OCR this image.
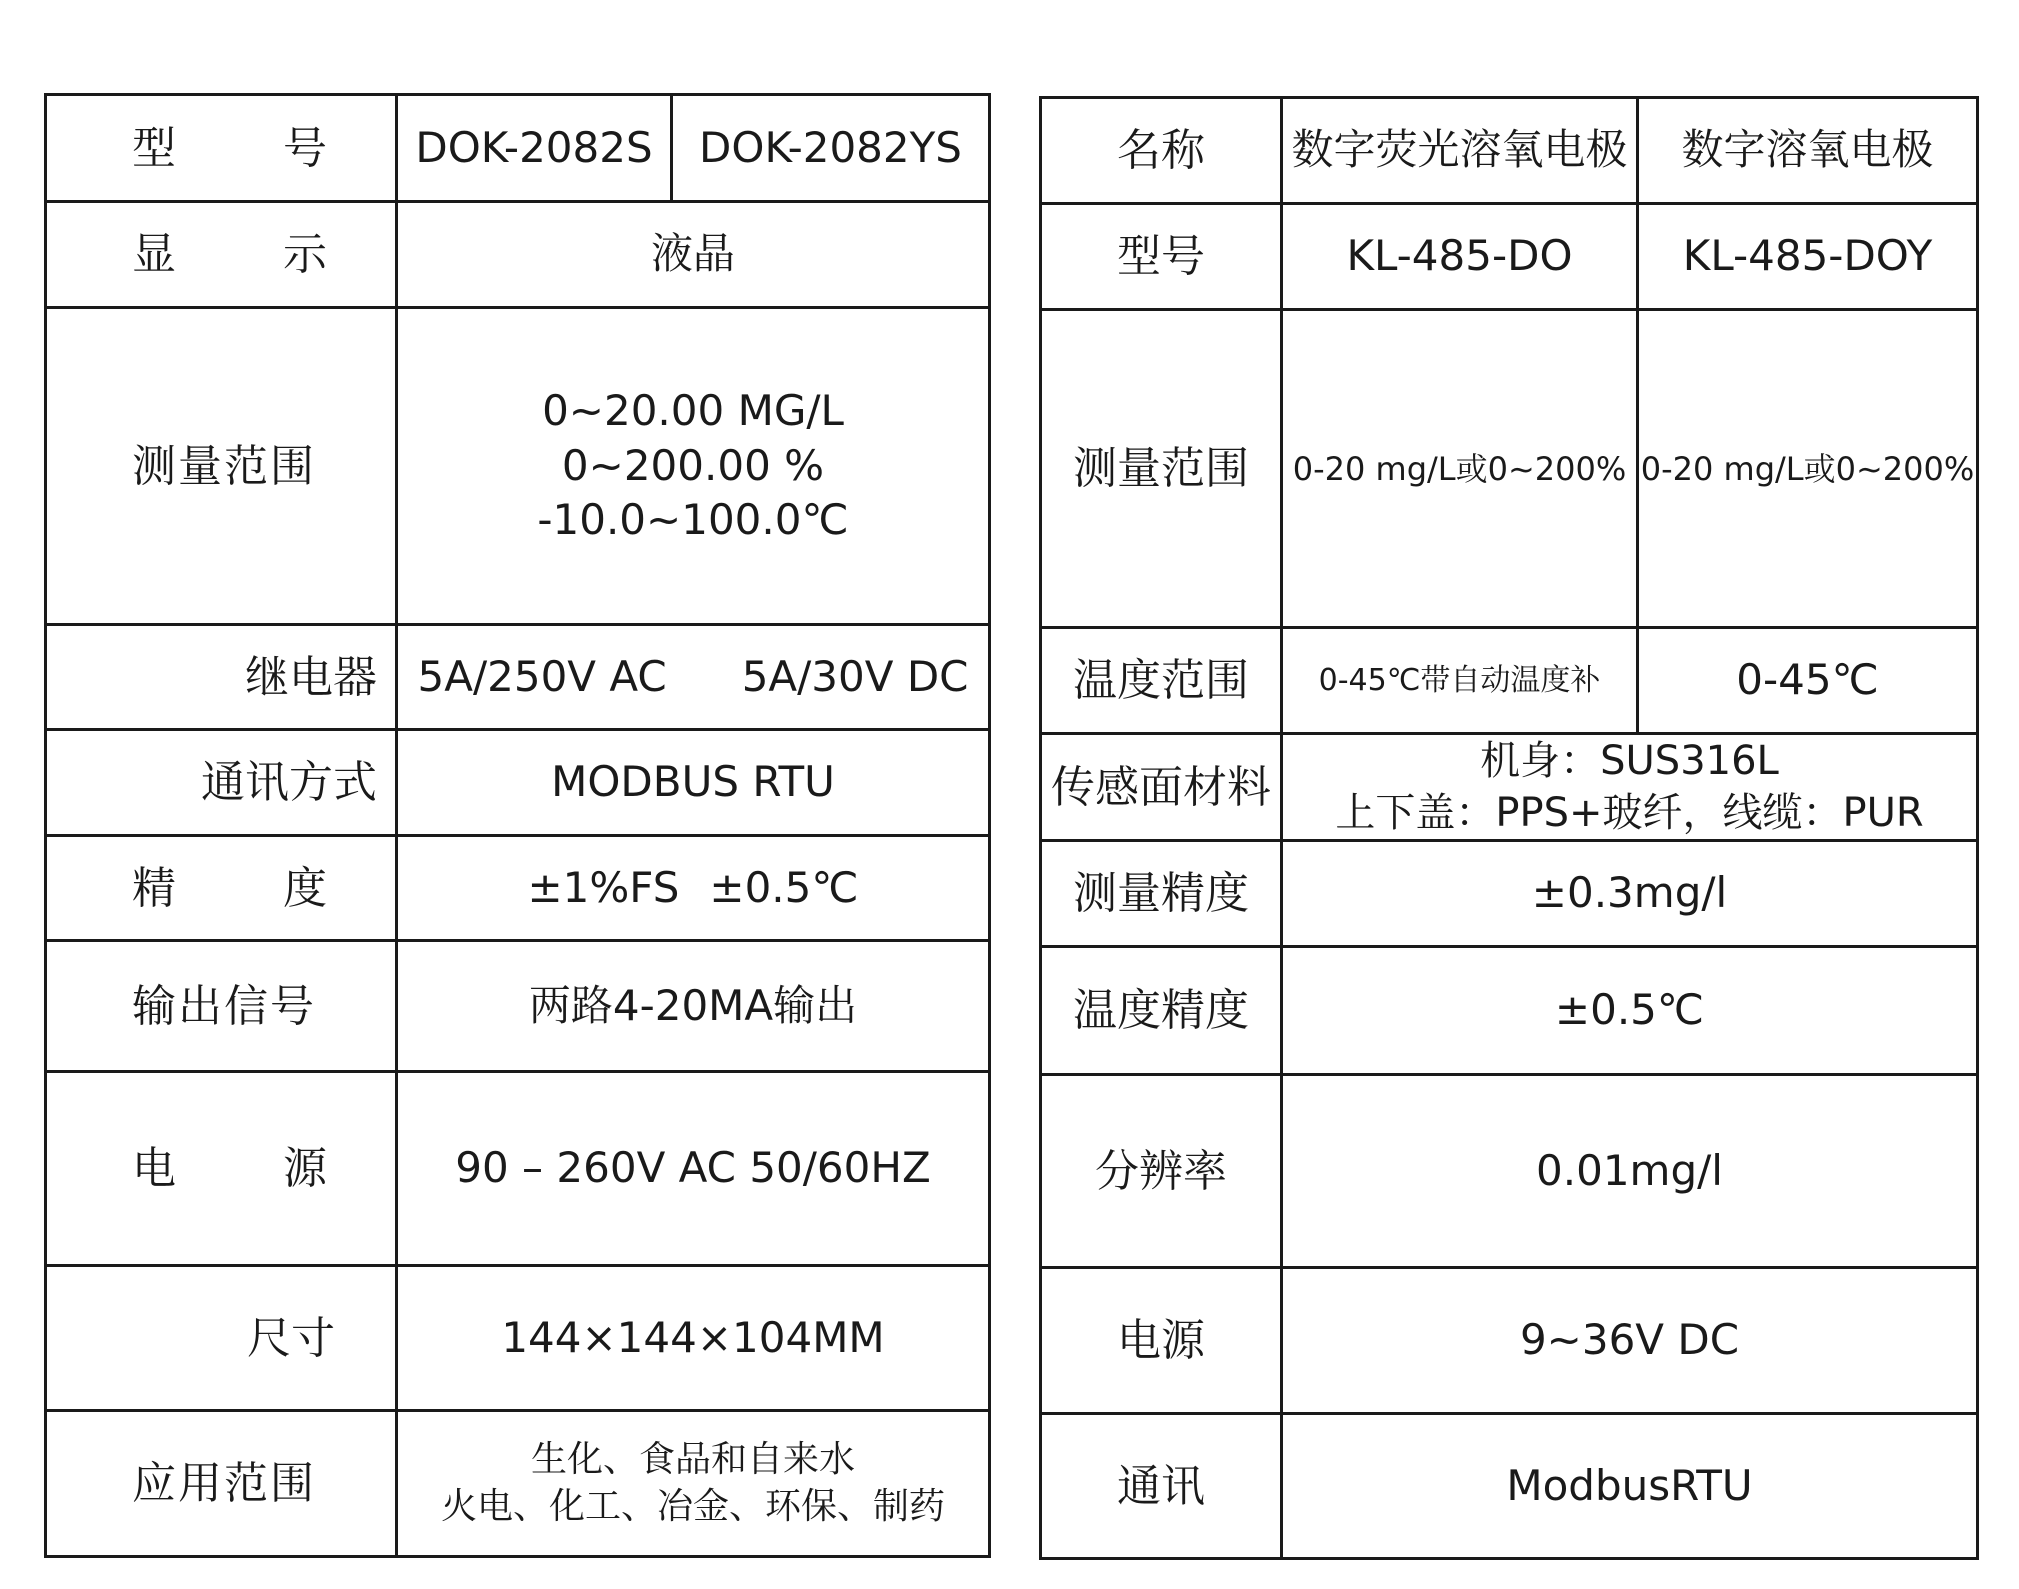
型 号	DOK-2082S	DOK-2082YS
显 示	液晶	
测量范围	0~20.00 MG/L
0~200.00 %
-10.0~100.0℃	

继电器	5A/250V AC 5A/30V DC	
通讯方式	MODBUS RTU	
精 度	±1%FS ±0.5℃	
输出信号	两路4-20MA输出	
电 源	90 – 260V AC 50/60HZ	
尺寸	144×144×104MM	
应用范围	生化、食品和自来水
火电、化工、冶金、环保、制药	
名称	数字荧光溶氧电极	数字溶氧电极
型号	KL-485-DO	KL-485-DOY
测量范围	0-20 mg/L或0~200%	0-20 mg/L或0~200%
温度范围	0-45℃带自动温度补	0-45℃
传感面材料	机身：SUS316L
上下盖：PPS+玻纤，线缆：PUR	

测量精度	±0.3mg/l	
温度精度	±0.5℃	
分辨率	0.01mg/l	
电源	9~36V DC	
通讯	ModbusRTU	
